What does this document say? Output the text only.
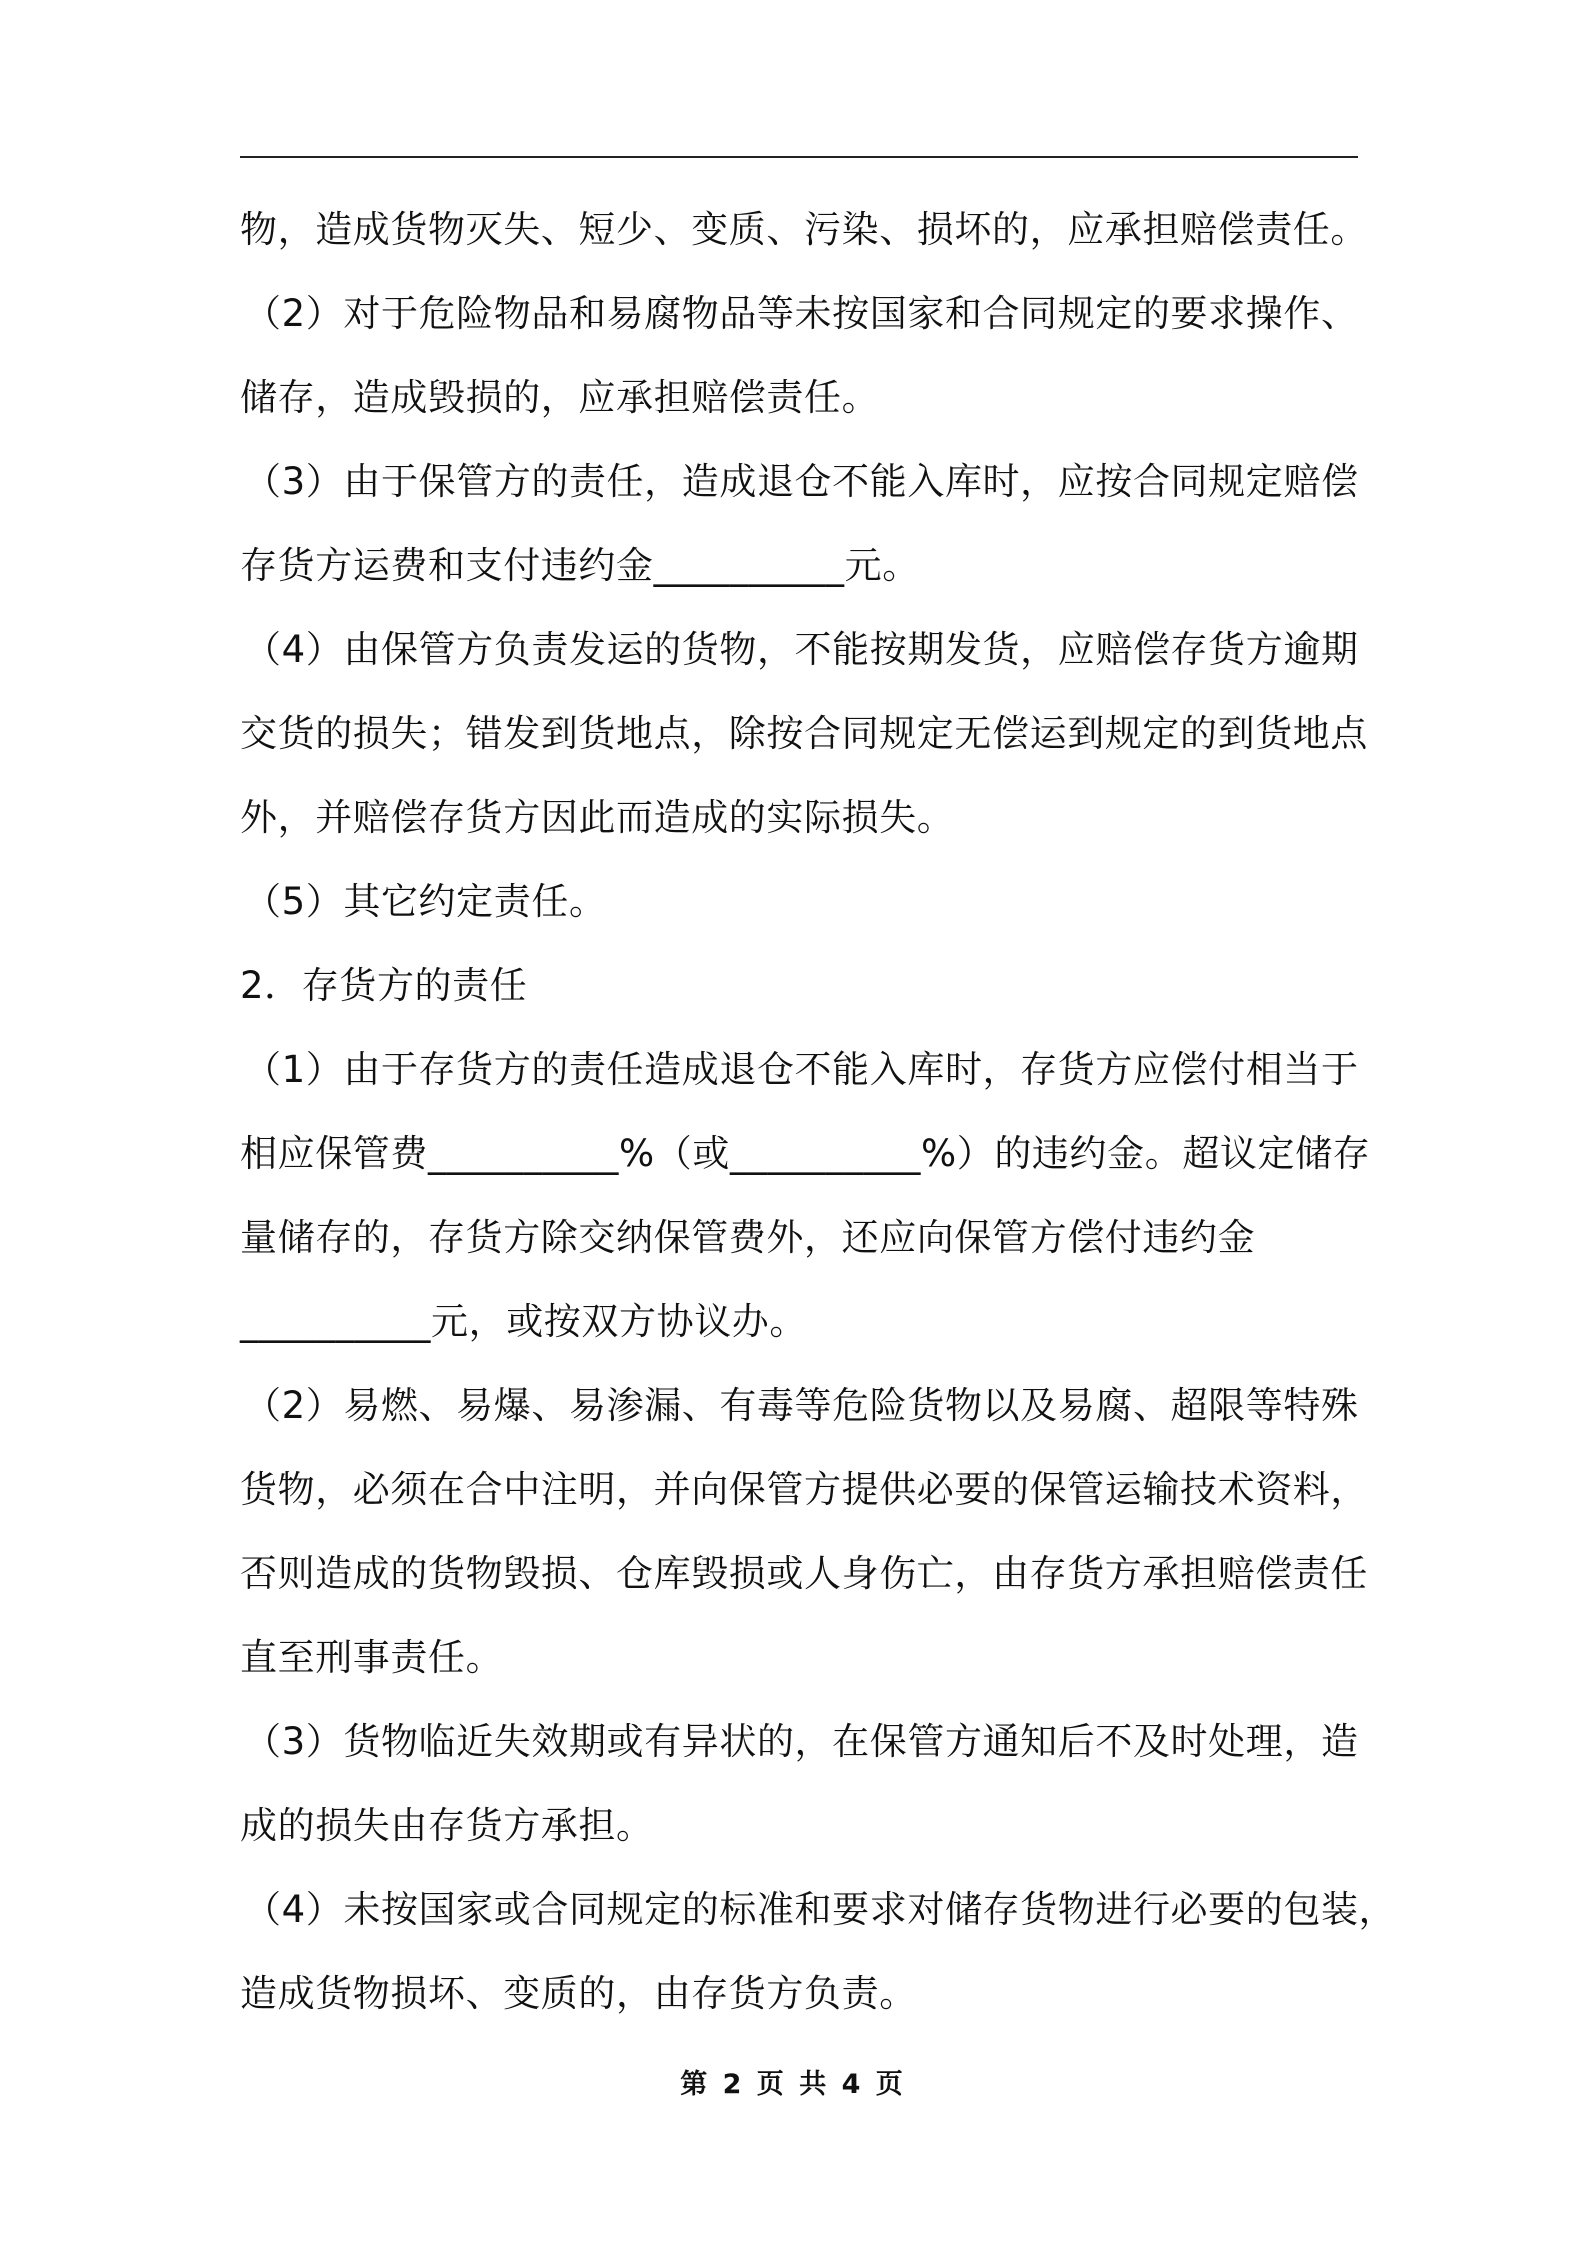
物，造成货物灭失、短少、变质、污染、损坏的，应承担赔偿责任。
（2）对于危险物品和易腐物品等未按国家和合同规定的要求操作、
储存，造成毁损的，应承担赔偿责任。
（3）由于保管方的责任，造成退仓不能入库时，应按合同规定赔偿
存货方运费和支付违约金__________元。
（4）由保管方负责发运的货物，不能按期发货，应赔偿存货方逾期
交货的损失；错发到货地点，除按合同规定无偿运到规定的到货地点
外，并赔偿存货方因此而造成的实际损失。
（5）其它约定责任。
2．存货方的责任
（1）由于存货方的责任造成退仓不能入库时，存货方应偿付相当于
相应保管费__________%（或__________%）的违约金。超议定储存
量储存的，存货方除交纳保管费外，还应向保管方偿付违约金
__________元，或按双方协议办。
（2）易燃、易爆、易渗漏、有毒等危险货物以及易腐、超限等特殊
货物，必须在合中注明，并向保管方提供必要的保管运输技术资料，
否则造成的货物毁损、仓库毁损或人身伤亡，由存货方承担赔偿责任
直至刑事责任。
（3）货物临近失效期或有异状的，在保管方通知后不及时处理，造
成的损失由存货方承担。
（4）未按国家或合同规定的标准和要求对储存货物进行必要的包装，
造成货物损坏、变质的，由存货方负责。
第 2 页 共 4 页
